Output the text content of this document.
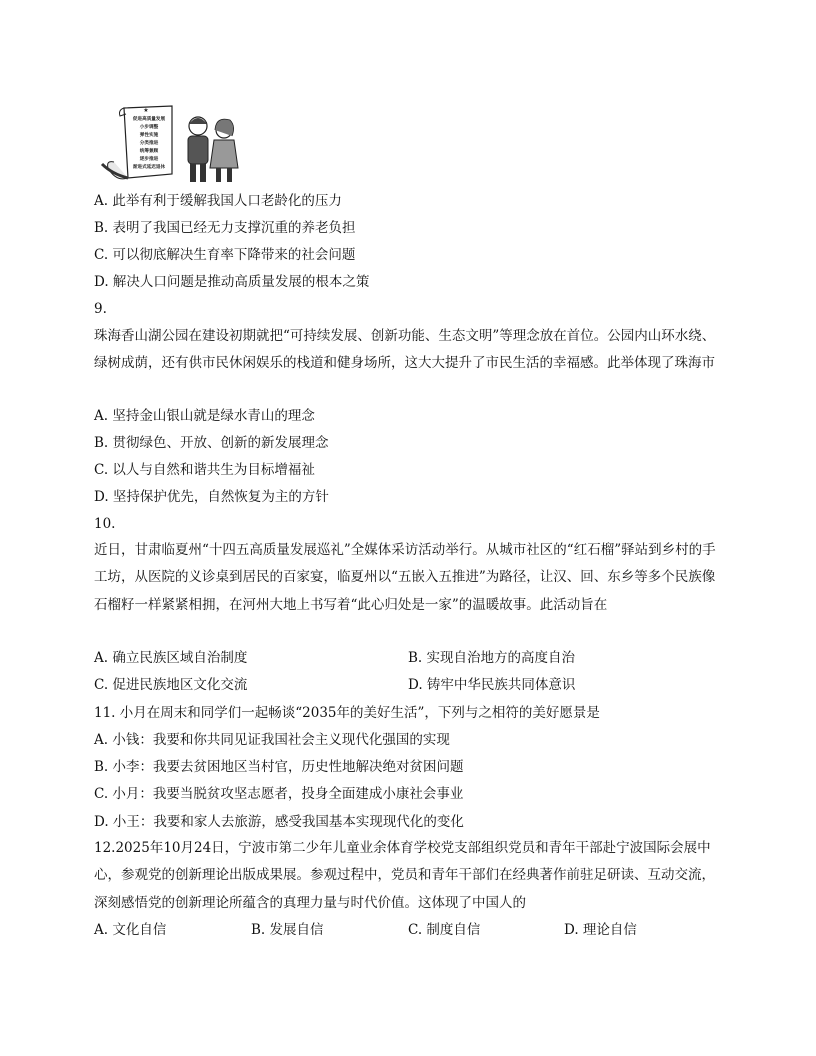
★
促进高质量发展
小步调整
弹性实施
分类推进
统筹兼顾
逐步推进
渐进式延迟退休
A. 此举有利于缓解我国人口老龄化的压力
B. 表明了我国已经无力支撑沉重的养老负担
C. 可以彻底解决生育率下降带来的社会问题
D. 解决人口问题是推动高质量发展的根本之策
9.
珠海香山湖公园在建设初期就把“可持续发展、创新功能、生态文明”等理念放在首位。公园内山环水绕、绿树成荫，还有供市民休闲娱乐的栈道和健身场所，这大大提升了市民生活的幸福感。此举体现了珠海市
A. 坚持金山银山就是绿水青山的理念
B. 贯彻绿色、开放、创新的新发展理念
C. 以人与自然和谐共生为目标增福祉
D. 坚持保护优先，自然恢复为主的方针
10.
近日，甘肃临夏州“十四五高质量发展巡礼”全媒体采访活动举行。从城市社区的“红石榴”驿站到乡村的手工坊，从医院的义诊桌到居民的百家宴，临夏州以“五嵌入五推进”为路径，让汉、回、东乡等多个民族像石榴籽一样紧紧相拥，在河州大地上书写着“此心归处是一家”的温暖故事。此活动旨在
A. 确立民族区域自治制度	B. 实现自治地方的高度自治
C. 促进民族地区文化交流	D. 铸牢中华民族共同体意识
11. 小月在周末和同学们一起畅谈“2035年的美好生活”，下列与之相符的美好愿景是
A. 小钱：我要和你共同见证我国社会主义现代化强国的实现
B. 小李：我要去贫困地区当村官，历史性地解决绝对贫困问题
C. 小月：我要当脱贫攻坚志愿者，投身全面建成小康社会事业
D. 小王：我要和家人去旅游，感受我国基本实现现代化的变化
12.2025年10月24日，宁波市第二少年儿童业余体育学校党支部组织党员和青年干部赴宁波国际会展中心，参观党的创新理论出版成果展。参观过程中，党员和青年干部们在经典著作前驻足研读、互动交流，深刻感悟党的创新理论所蕴含的真理力量与时代价值。这体现了中国人的
A. 文化自信	B. 发展自信	C. 制度自信	D. 理论自信
